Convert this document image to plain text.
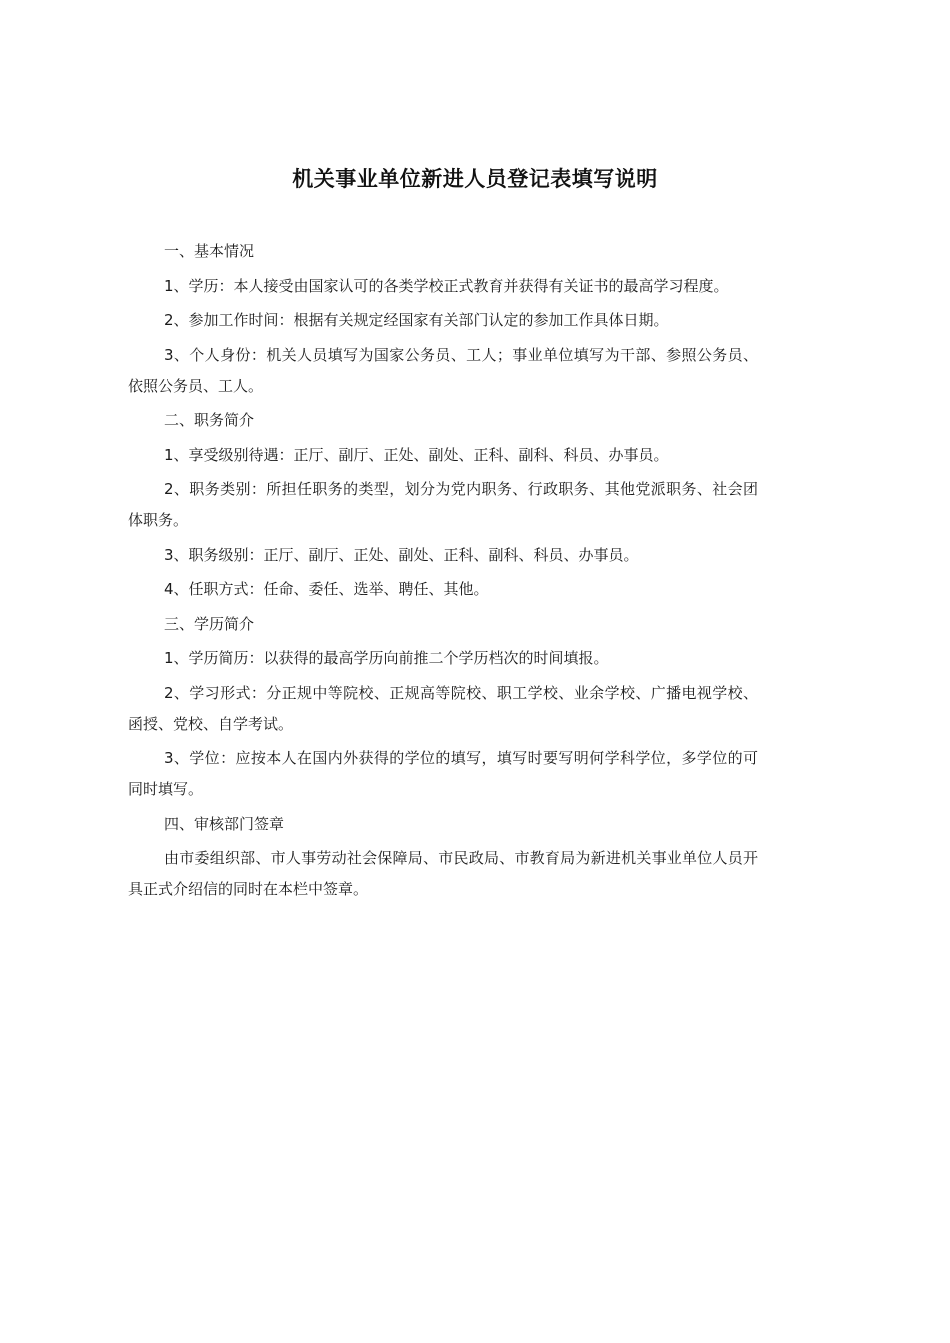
机关事业单位新进人员登记表填写说明

一、基本情况

1、学历：本人接受由国家认可的各类学校正式教育并获得有关证书的最高学习程度。

2、参加工作时间：根据有关规定经国家有关部门认定的参加工作具体日期。

3、个人身份：机关人员填写为国家公务员、工人；事业单位填写为干部、参照公务员、依照公务员、工人。

二、职务简介

1、享受级别待遇：正厅、副厅、正处、副处、正科、副科、科员、办事员。

2、职务类别：所担任职务的类型，划分为党内职务、行政职务、其他党派职务、社会团体职务。

3、职务级别：正厅、副厅、正处、副处、正科、副科、科员、办事员。

4、任职方式：任命、委任、选举、聘任、其他。

三、学历简介

1、学历简历：以获得的最高学历向前推二个学历档次的时间填报。

2、学习形式：分正规中等院校、正规高等院校、职工学校、业余学校、广播电视学校、函授、党校、自学考试。

3、学位：应按本人在国内外获得的学位的填写，填写时要写明何学科学位，多学位的可同时填写。

四、审核部门签章

由市委组织部、市人事劳动社会保障局、市民政局、市教育局为新进机关事业单位人员开具正式介绍信的同时在本栏中签章。
